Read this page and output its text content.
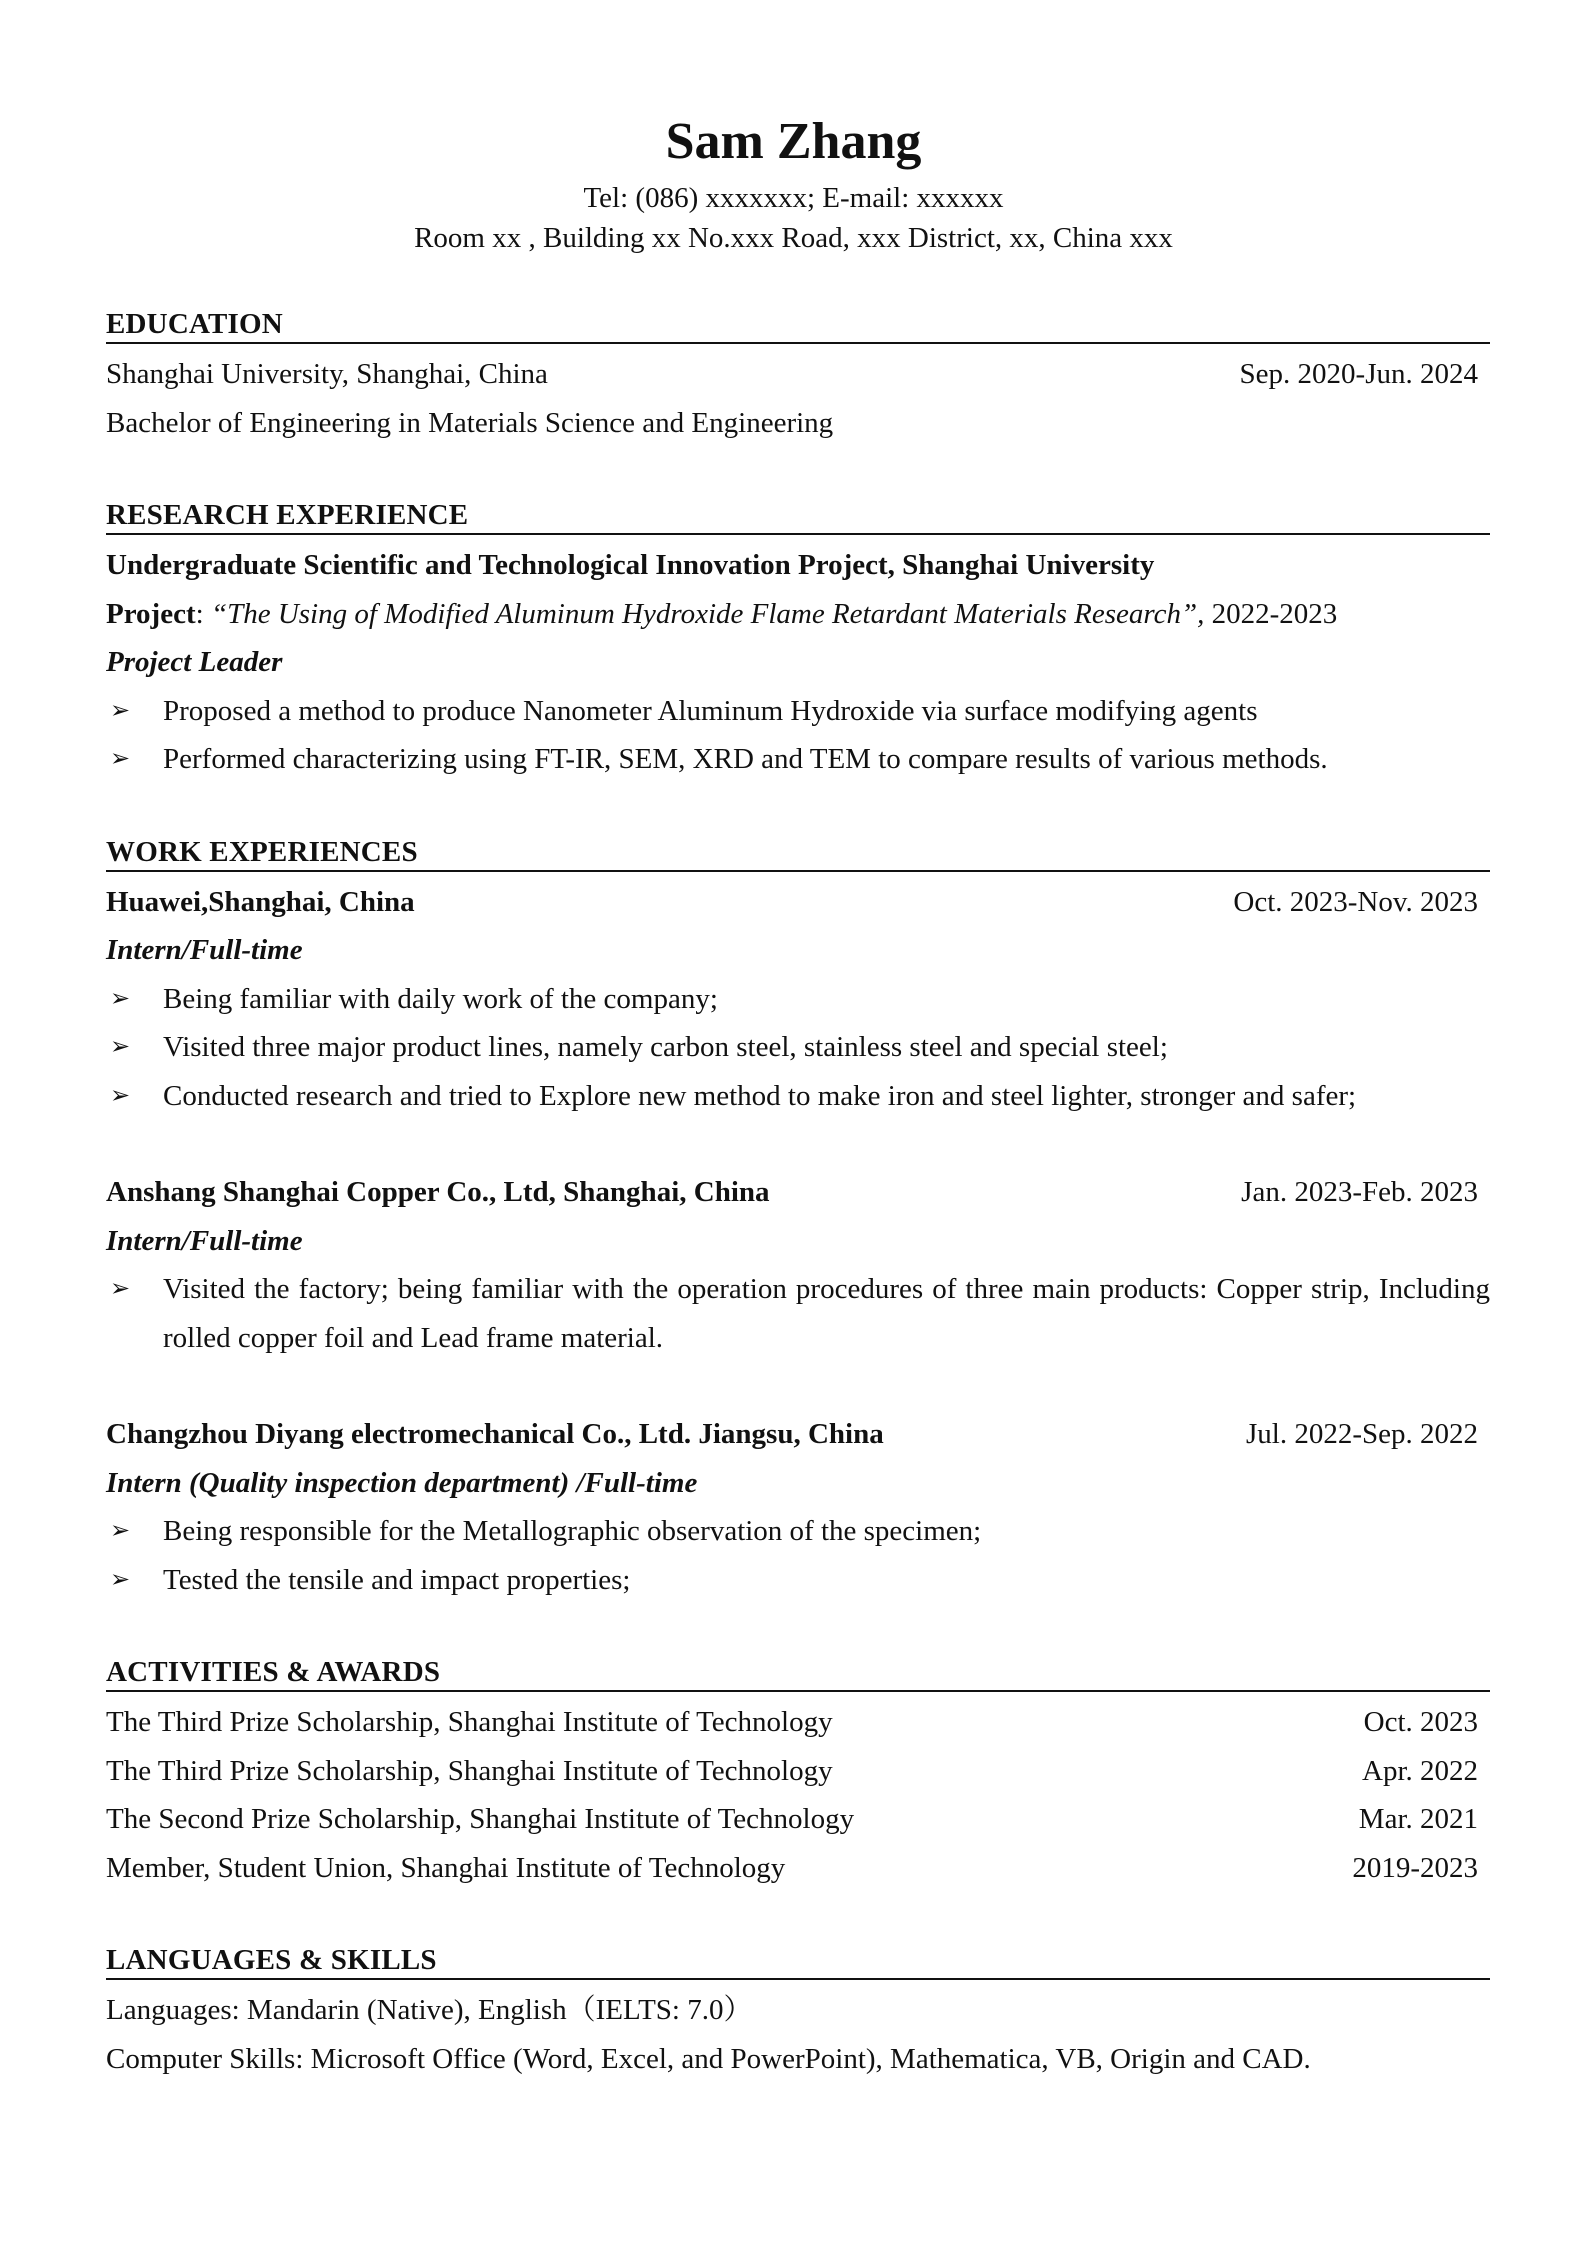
Sam Zhang
Tel: (086) xxxxxxx; E-mail: xxxxxx
Room xx , Building xx No.xxx Road, xxx District, xx, China xxx
EDUCATION
Shanghai University, Shanghai, China	Sep. 2020-Jun. 2024
Bachelor of Engineering in Materials Science and Engineering
RESEARCH EXPERIENCE
Undergraduate Scientific and Technological Innovation Project, Shanghai University
Project: “The Using of Modified Aluminum Hydroxide Flame Retardant Materials Research”, 2022-2023
Project Leader
➢ Proposed a method to produce Nanometer Aluminum Hydroxide via surface modifying agents
➢ Performed characterizing using FT-IR, SEM, XRD and TEM to compare results of various methods.
WORK EXPERIENCES
Huawei,Shanghai, China	Oct. 2023-Nov. 2023
Intern/Full-time
➢ Being familiar with daily work of the company;
➢ Visited three major product lines, namely carbon steel, stainless steel and special steel;
➢ Conducted research and tried to Explore new method to make iron and steel lighter, stronger and safer;
Anshang Shanghai Copper Co., Ltd, Shanghai, China	Jan. 2023-Feb. 2023
Intern/Full-time
➢ Visited the factory; being familiar with the operation procedures of three main products: Copper strip, Including rolled copper foil and Lead frame material.
Changzhou Diyang electromechanical Co., Ltd. Jiangsu, China	Jul. 2022-Sep. 2022
Intern (Quality inspection department) /Full-time
➢ Being responsible for the Metallographic observation of the specimen;
➢ Tested the tensile and impact properties;
ACTIVITIES & AWARDS
The Third Prize Scholarship, Shanghai Institute of Technology	Oct. 2023
The Third Prize Scholarship, Shanghai Institute of Technology	Apr. 2022
The Second Prize Scholarship, Shanghai Institute of Technology	Mar. 2021
Member, Student Union, Shanghai Institute of Technology	2019-2023
LANGUAGES & SKILLS
Languages: Mandarin (Native), English（IELTS: 7.0）
Computer Skills: Microsoft Office (Word, Excel, and PowerPoint), Mathematica, VB, Origin and CAD.
